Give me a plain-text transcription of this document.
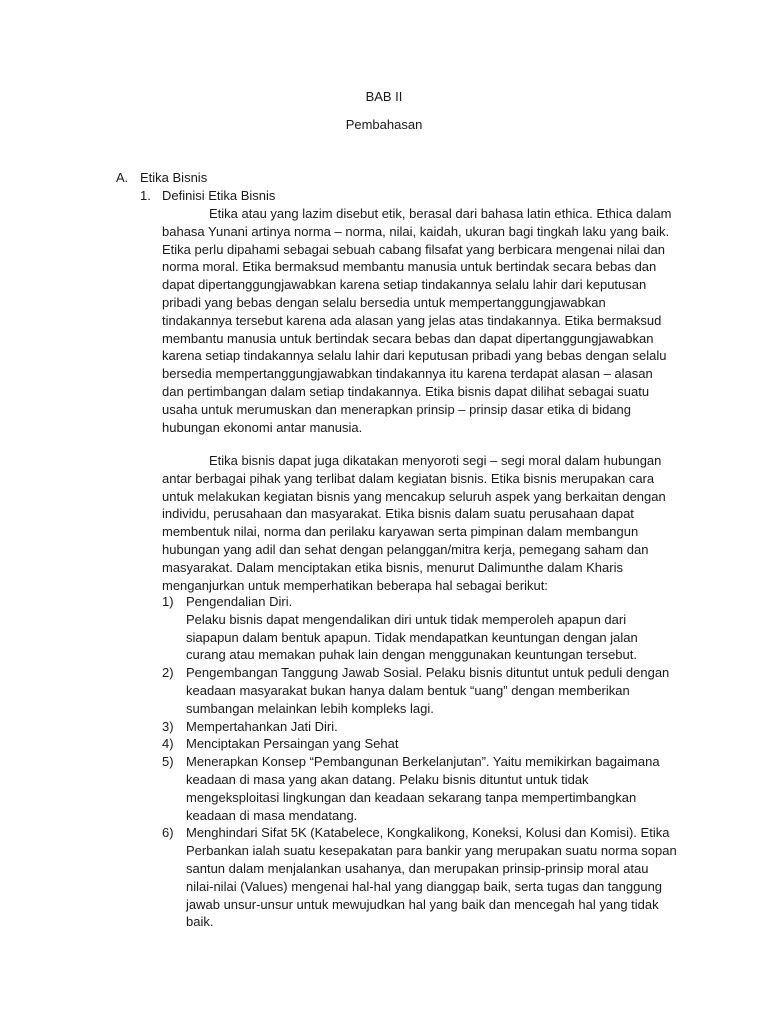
BAB II
Pembahasan
A. Etika Bisnis
1. Definisi Etika Bisnis
Etika atau yang lazim disebut etik, berasal dari bahasa latin ethica. Ethica dalam
bahasa Yunani artinya norma – norma, nilai, kaidah, ukuran bagi tingkah laku yang baik.
Etika perlu dipahami sebagai sebuah cabang filsafat yang berbicara mengenai nilai dan
norma moral. Etika bermaksud membantu manusia untuk bertindak secara bebas dan
dapat dipertanggungjawabkan karena setiap tindakannya selalu lahir dari keputusan
pribadi yang bebas dengan selalu bersedia untuk mempertanggungjawabkan
tindakannya tersebut karena ada alasan yang jelas atas tindakannya. Etika bermaksud
membantu manusia untuk bertindak secara bebas dan dapat dipertanggungjawabkan
karena setiap tindakannya selalu lahir dari keputusan pribadi yang bebas dengan selalu
bersedia mempertanggungjawabkan tindakannya itu karena terdapat alasan – alasan
dan pertimbangan dalam setiap tindakannya. Etika bisnis dapat dilihat sebagai suatu
usaha untuk merumuskan dan menerapkan prinsip – prinsip dasar etika di bidang
hubungan ekonomi antar manusia.
Etika bisnis dapat juga dikatakan menyoroti segi – segi moral dalam hubungan
antar berbagai pihak yang terlibat dalam kegiatan bisnis. Etika bisnis merupakan cara
untuk melakukan kegiatan bisnis yang mencakup seluruh aspek yang berkaitan dengan
individu, perusahaan dan masyarakat. Etika bisnis dalam suatu perusahaan dapat
membentuk nilai, norma dan perilaku karyawan serta pimpinan dalam membangun
hubungan yang adil dan sehat dengan pelanggan/mitra kerja, pemegang saham dan
masyarakat. Dalam menciptakan etika bisnis, menurut Dalimunthe dalam Kharis
menganjurkan untuk memperhatikan beberapa hal sebagai berikut:
1) Pengendalian Diri.
Pelaku bisnis dapat mengendalikan diri untuk tidak memperoleh apapun dari
siapapun dalam bentuk apapun. Tidak mendapatkan keuntungan dengan jalan
curang atau memakan puhak lain dengan menggunakan keuntungan tersebut.
2) Pengembangan Tanggung Jawab Sosial. Pelaku bisnis dituntut untuk peduli dengan
keadaan masyarakat bukan hanya dalam bentuk “uang” dengan memberikan
sumbangan melainkan lebih kompleks lagi.
3) Mempertahankan Jati Diri.
4) Menciptakan Persaingan yang Sehat
5) Menerapkan Konsep “Pembangunan Berkelanjutan”. Yaitu memikirkan bagaimana
keadaan di masa yang akan datang. Pelaku bisnis dituntut untuk tidak
mengeksploitasi lingkungan dan keadaan sekarang tanpa mempertimbangkan
keadaan di masa mendatang.
6) Menghindari Sifat 5K (Katabelece, Kongkalikong, Koneksi, Kolusi dan Komisi). Etika
Perbankan ialah suatu kesepakatan para bankir yang merupakan suatu norma sopan
santun dalam menjalankan usahanya, dan merupakan prinsip-prinsip moral atau
nilai-nilai (Values) mengenai hal-hal yang dianggap baik, serta tugas dan tanggung
jawab unsur-unsur untuk mewujudkan hal yang baik dan mencegah hal yang tidak
baik.
